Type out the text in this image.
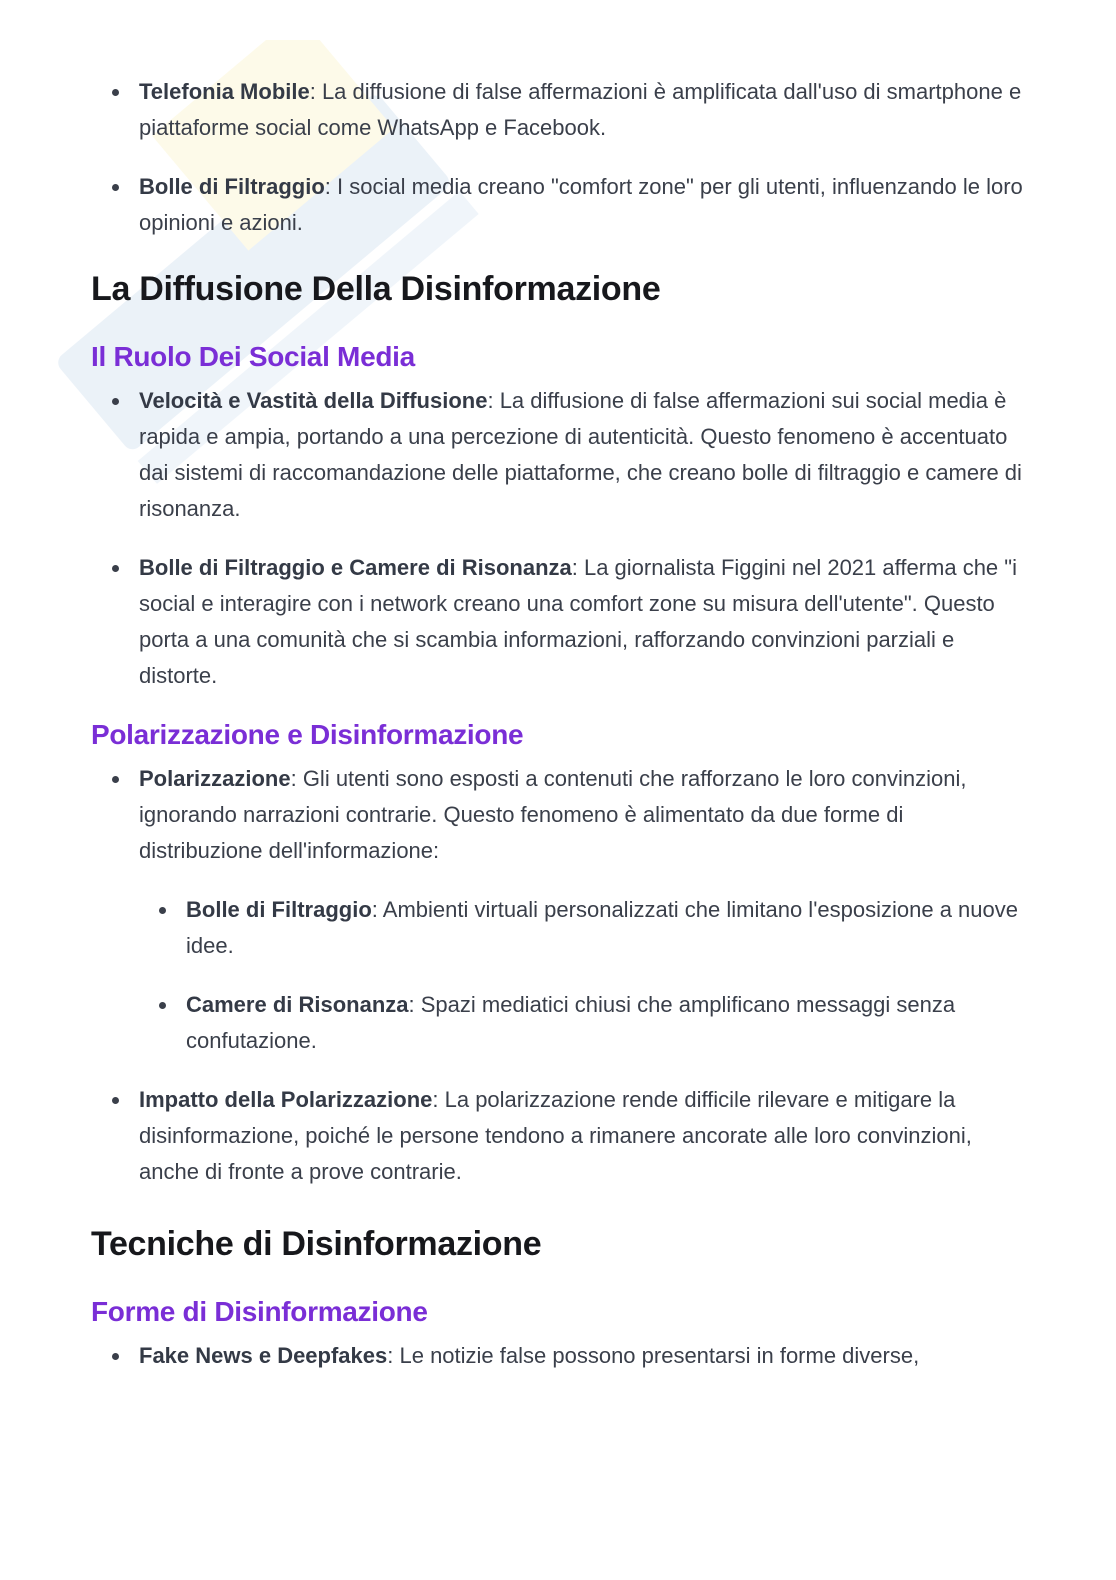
Telefonia Mobile: La diffusione di false affermazioni è amplificata dall'uso di smartphone e piattaforme social come WhatsApp e Facebook.
Bolle di Filtraggio: I social media creano "comfort zone" per gli utenti, influenzando le loro opinioni e azioni.
La Diffusione Della Disinformazione
Il Ruolo Dei Social Media
Velocità e Vastità della Diffusione: La diffusione di false affermazioni sui social media è rapida e ampia, portando a una percezione di autenticità. Questo fenomeno è accentuato dai sistemi di raccomandazione delle piattaforme, che creano bolle di filtraggio e camere di risonanza.
Bolle di Filtraggio e Camere di Risonanza: La giornalista Figgini nel 2021 afferma che "i social e interagire con i network creano una comfort zone su misura dell'utente". Questo porta a una comunità che si scambia informazioni, rafforzando convinzioni parziali e distorte.
Polarizzazione e Disinformazione
Polarizzazione: Gli utenti sono esposti a contenuti che rafforzano le loro convinzioni, ignorando narrazioni contrarie. Questo fenomeno è alimentato da due forme di distribuzione dell'informazione:
Bolle di Filtraggio: Ambienti virtuali personalizzati che limitano l'esposizione a nuove idee.
Camere di Risonanza: Spazi mediatici chiusi che amplificano messaggi senza confutazione.
Impatto della Polarizzazione: La polarizzazione rende difficile rilevare e mitigare la disinformazione, poiché le persone tendono a rimanere ancorate alle loro convinzioni, anche di fronte a prove contrarie.
Tecniche di Disinformazione
Forme di Disinformazione
Fake News e Deepfakes: Le notizie false possono presentarsi in forme diverse,
